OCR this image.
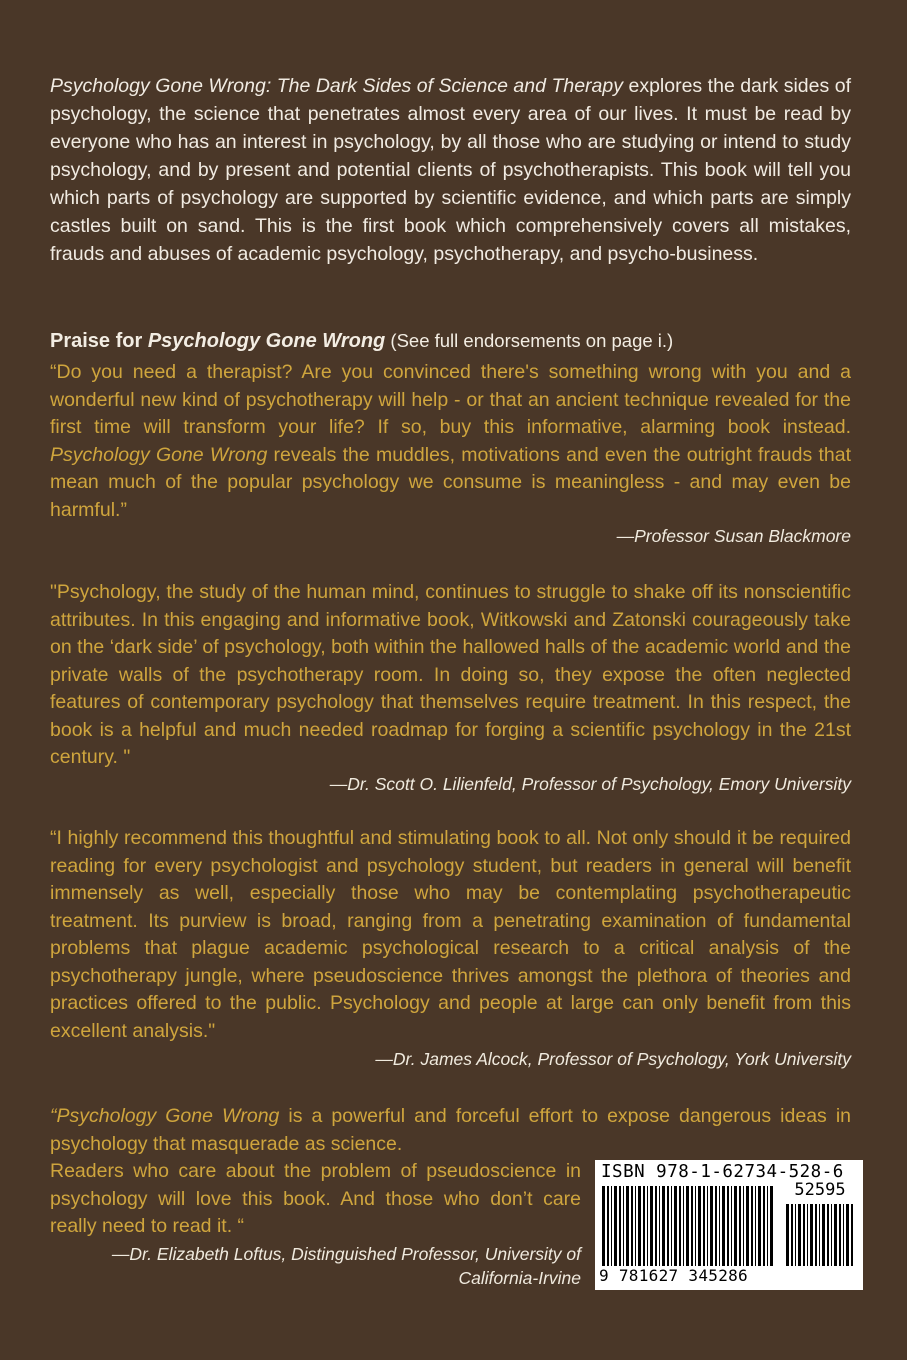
Psychology Gone Wrong: The Dark Sides of Science and Therapy explores the dark sides of psychology, the science that penetrates almost every area of our lives. It must be read by everyone who has an interest in psychology, by all those who are studying or intend to study psychology, and by present and potential clients of psychotherapists. This book will tell you which parts of psychology are supported by scientific evidence, and which parts are simply castles built on sand. This is the first book which comprehensively covers all mistakes, frauds and abuses of academic psychology, psychotherapy, and psycho-business.

Praise for Psychology Gone Wrong (See full endorsements on page i.)

“Do you need a therapist? Are you convinced there's something wrong with you and a wonderful new kind of psychotherapy will help - or that an ancient technique revealed for the first time will transform your life? If so, buy this informative, alarming book instead. Psychology Gone Wrong reveals the muddles, motivations and even the outright frauds that mean much of the popular psychology we consume is meaningless - and may even be harmful.”

—Professor Susan Blackmore

"Psychology, the study of the human mind, continues to struggle to shake off its nonscientific attributes. In this engaging and informative book, Witkowski and Zatonski courageously take on the ‘dark side’ of psychology, both within the hallowed halls of the academic world and the private walls of the psychotherapy room. In doing so, they expose the often neglected features of contemporary psychology that themselves require treatment. In this respect, the book is a helpful and much needed roadmap for forging a scientific psychology in the 21st century. "

—Dr. Scott O. Lilienfeld, Professor of Psychology, Emory University

“I highly recommend this thoughtful and stimulating book to all. Not only should it be required reading for every psychologist and psychology student, but readers in general will benefit immensely as well, especially those who may be contemplating psychotherapeutic treatment. Its purview is broad, ranging from a penetrating examination of fundamental problems that plague academic psychological research to a critical analysis of the psychotherapy jungle, where pseudoscience thrives amongst the plethora of theories and practices offered to the public. Psychology and people at large can only benefit from this excellent analysis."

—Dr. James Alcock, Professor of Psychology, York University

“Psychology Gone Wrong is a powerful and forceful effort to expose dangerous ideas in psychology that masquerade as science.
Readers who care about the problem of pseudoscience in psychology will love this book. And those who don’t care really need to read it. “

—Dr. Elizabeth Loftus, Distinguished Professor, University of California-Irvine

ISBN 978-1-62734-528-6
52595
9 781627 345286
